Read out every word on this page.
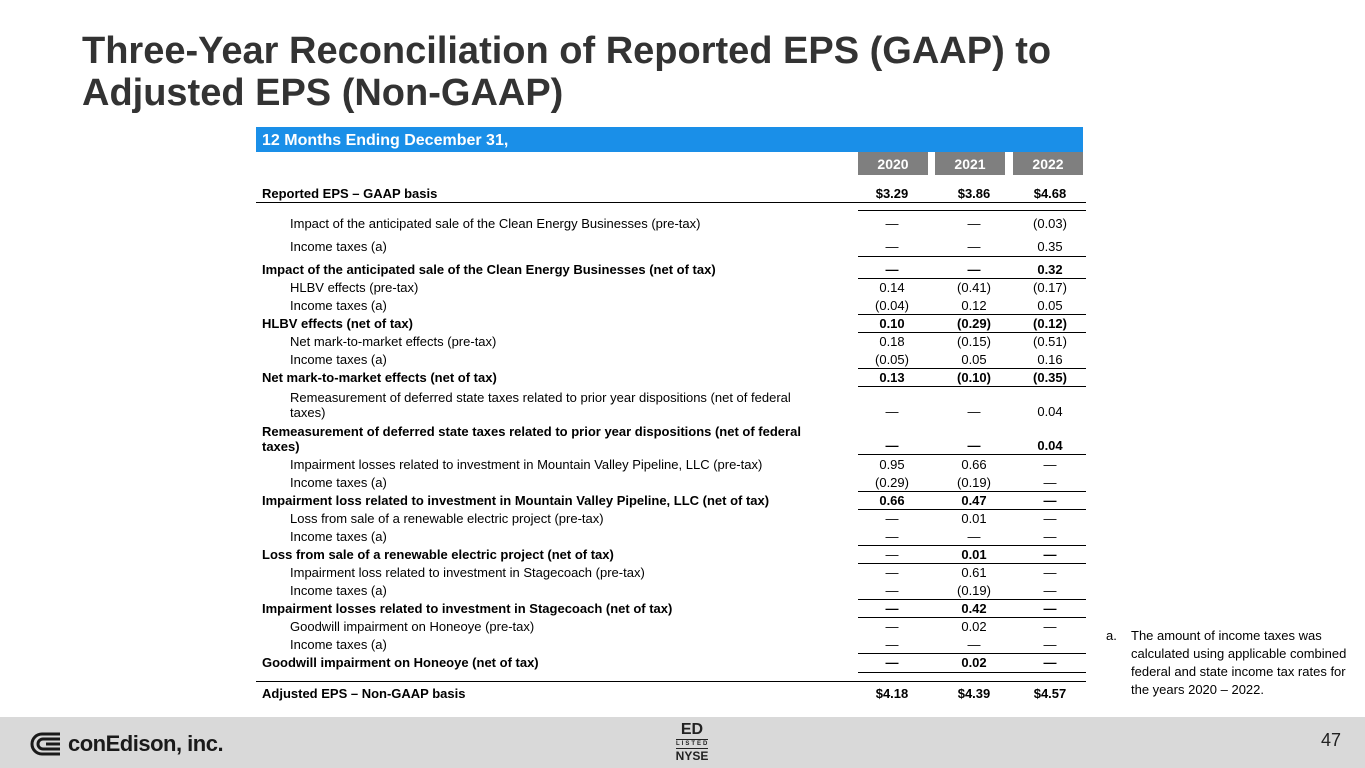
Three-Year Reconciliation of Reported EPS (GAAP) to
Adjusted EPS (Non-GAAP)
12 Months Ending December 31,
2020	2021	2022
Reported EPS – GAAP basis	$3.29	$3.86	$4.68
Impact of the anticipated sale of the Clean Energy Businesses (pre-tax)	—	—	(0.03)
Income taxes (a)	—	—	0.35
Impact of the anticipated sale of the Clean Energy Businesses (net of tax)	—	—	0.32
HLBV effects (pre-tax)	0.14	(0.41)	(0.17)
Income taxes (a)	(0.04)	0.12	0.05
HLBV effects (net of tax)	0.10	(0.29)	(0.12)
Net mark-to-market effects (pre-tax)	0.18	(0.15)	(0.51)
Income taxes (a)	(0.05)	0.05	0.16
Net mark-to-market effects (net of tax)	0.13	(0.10)	(0.35)
Remeasurement of deferred state taxes related to prior year dispositions (net of federal
taxes)	—	—	0.04
Remeasurement of deferred state taxes related to prior year dispositions (net of federal
taxes)	—	—	0.04
Impairment losses related to investment in Mountain Valley Pipeline, LLC (pre-tax)	0.95	0.66	—
Income taxes (a)	(0.29)	(0.19)	—
Impairment loss related to investment in Mountain Valley Pipeline, LLC (net of tax)	0.66	0.47	—
Loss from sale of a renewable electric project (pre-tax)	—	0.01	—
Income taxes (a)	—	—	—
Loss from sale of a renewable electric project (net of tax)	—	0.01	—
Impairment loss related to investment in Stagecoach (pre-tax)	—	0.61	—
Income taxes (a)	—	(0.19)	—
Impairment losses related to investment in Stagecoach (net of tax)	—	0.42	—
Goodwill impairment on Honeoye (pre-tax)	—	0.02	—
Income taxes (a)	—	—	—
Goodwill impairment on Honeoye (net of tax)	—	0.02	—
Adjusted EPS – Non-GAAP basis	$4.18	$4.39	$4.57
a. The amount of income taxes was calculated using applicable combined federal and state income tax rates for the years 2020 – 2022.
conEdison, inc.
ED
LISTED
NYSE
47
